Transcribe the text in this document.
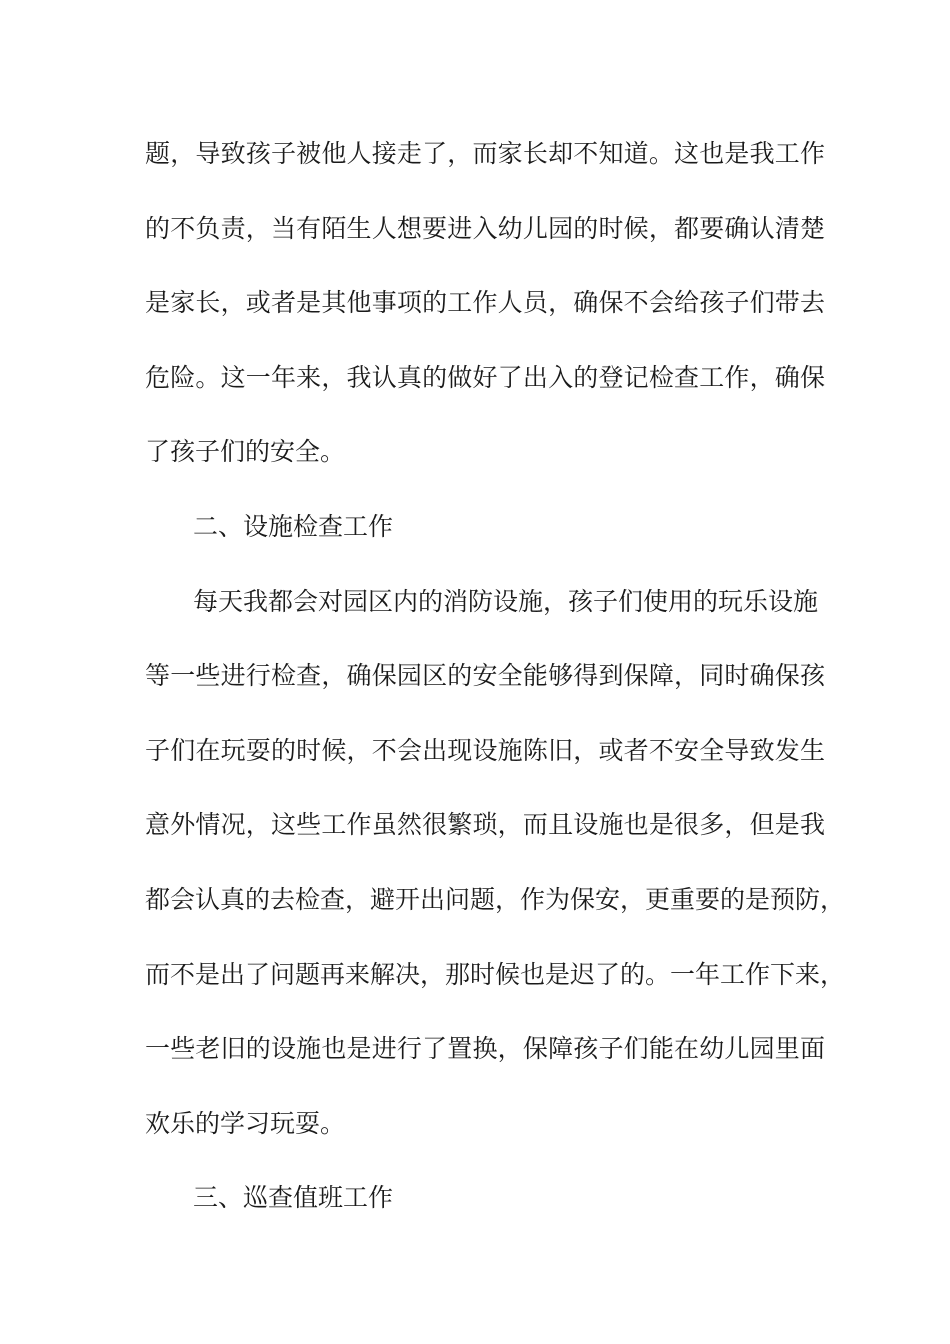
题，导致孩子被他人接走了，而家长却不知道。这也是我工作
的不负责，当有陌生人想要进入幼儿园的时候，都要确认清楚
是家长，或者是其他事项的工作人员，确保不会给孩子们带去
危险。这一年来，我认真的做好了出入的登记检查工作，确保
了孩子们的安全。
二、设施检查工作
每天我都会对园区内的消防设施，孩子们使用的玩乐设施
等一些进行检查，确保园区的安全能够得到保障，同时确保孩
子们在玩耍的时候，不会出现设施陈旧，或者不安全导致发生
意外情况，这些工作虽然很繁琐，而且设施也是很多，但是我
都会认真的去检查，避开出问题，作为保安，更重要的是预防，
而不是出了问题再来解决，那时候也是迟了的。一年工作下来，
一些老旧的设施也是进行了置换，保障孩子们能在幼儿园里面
欢乐的学习玩耍。
三、巡查值班工作
